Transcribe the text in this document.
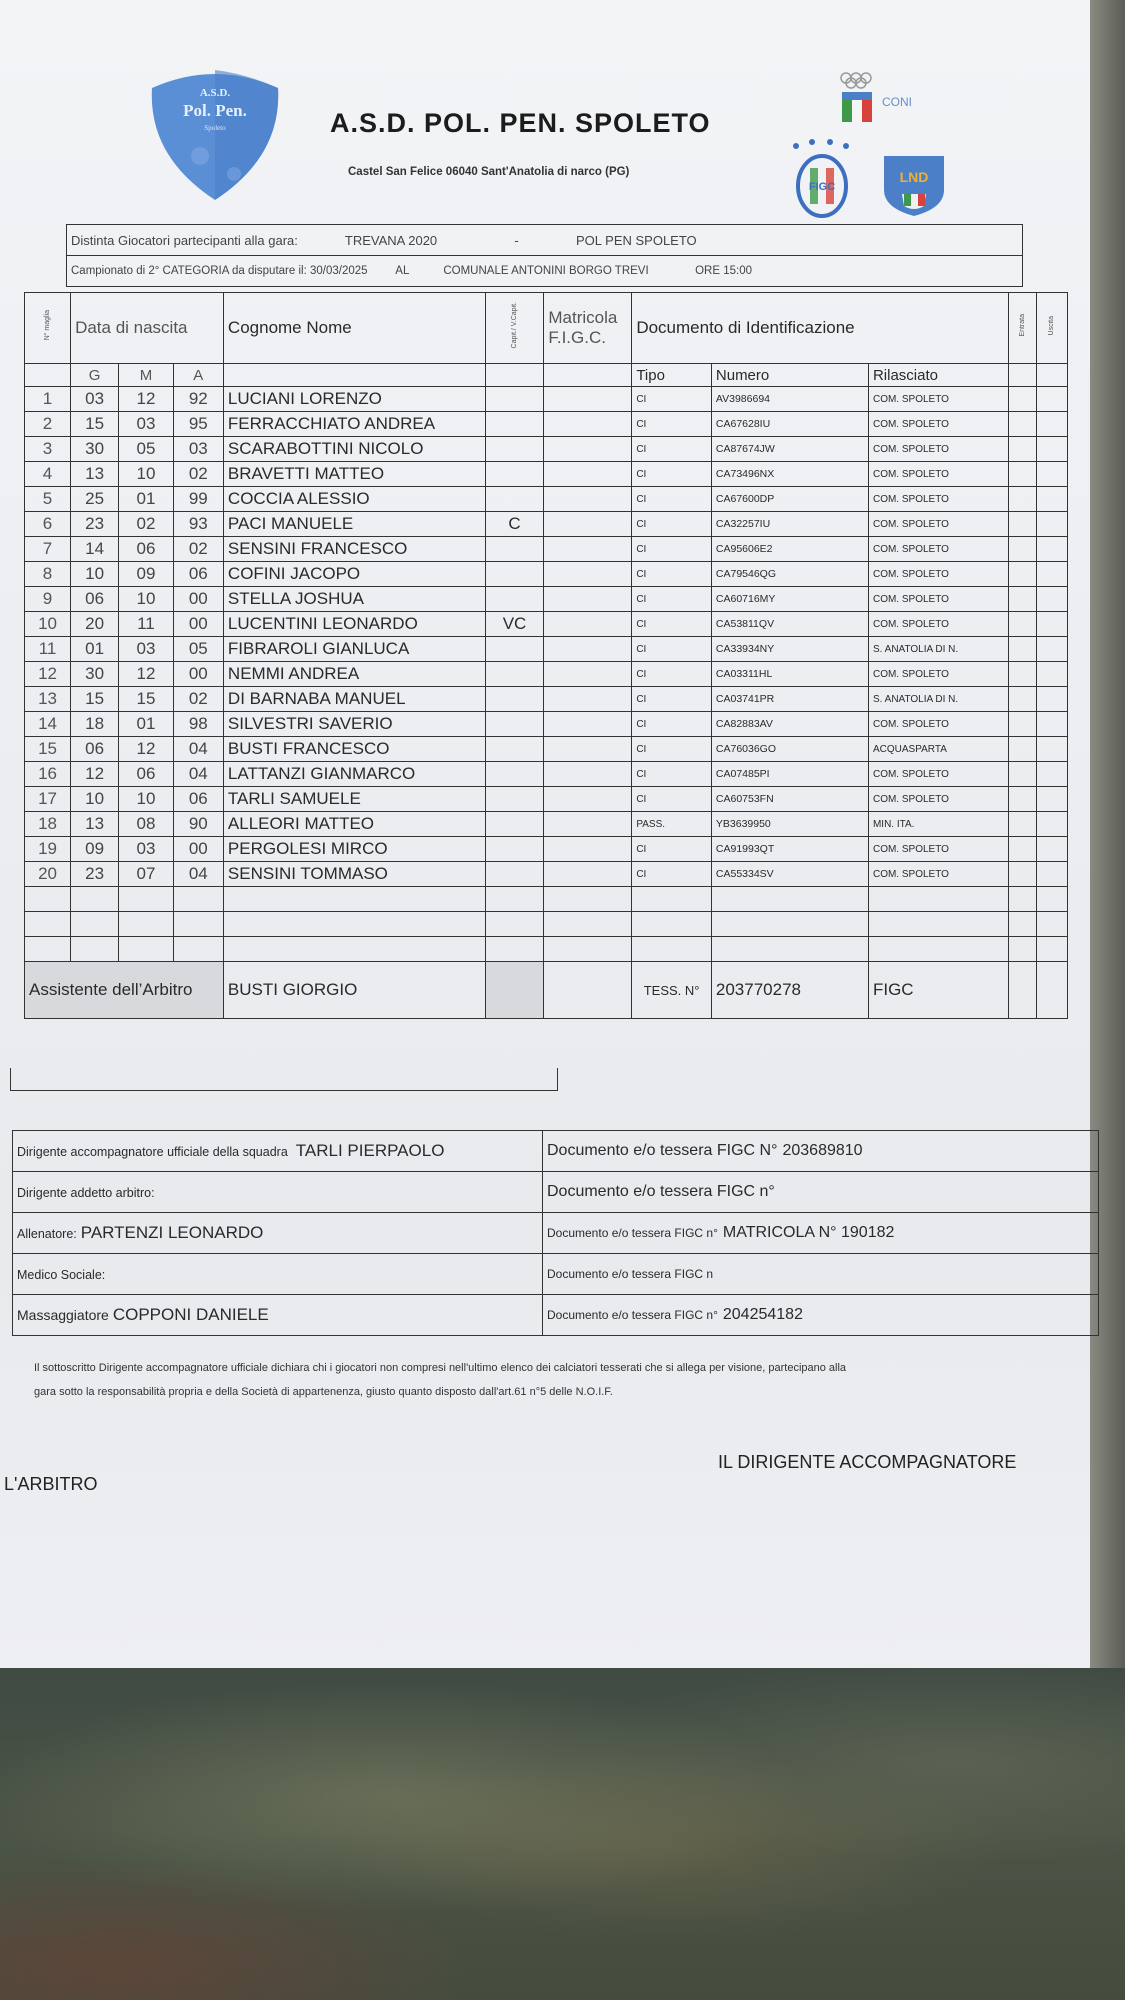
A.S.D.
Pol. Pen.
Spoleto	A.S.D. POL. PEN. SPOLETO
Castel San Felice 06040 Sant'Anatolia di narco (PG)
CONI
FIGC
LND
Distinta Giocatori partecipanti alla gara:	TREVANA 2020	-	POL PEN SPOLETO
Campionato di 2° CATEGORIA da disputare il: 30/03/2025 AL	COMUNALE ANTONINI BORGO TREVI	ORE 15:00
N° maglia	Data di nascita			Cognome Nome	Capit./ V.Capit.	Matricola
F.I.G.C.	Documento di Identificazione			Entrata	Uscita
	G	M	A				Tipo	Numero	Rilasciato		
1	03	12	92	LUCIANI LORENZO			CI	AV3986694	COM. SPOLETO		
2	15	03	95	FERRACCHIATO ANDREA			CI	CA67628IU	COM. SPOLETO		
3	30	05	03	SCARABOTTINI NICOLO			CI	CA87674JW	COM. SPOLETO		
4	13	10	02	BRAVETTI MATTEO			CI	CA73496NX	COM. SPOLETO		
5	25	01	99	COCCIA ALESSIO			CI	CA67600DP	COM. SPOLETO		
6	23	02	93	PACI MANUELE	C		CI	CA32257IU	COM. SPOLETO		
7	14	06	02	SENSINI FRANCESCO			CI	CA95606E2	COM. SPOLETO		
8	10	09	06	COFINI JACOPO			CI	CA79546QG	COM. SPOLETO		
9	06	10	00	STELLA JOSHUA			CI	CA60716MY	COM. SPOLETO		
10	20	11	00	LUCENTINI LEONARDO	VC		CI	CA53811QV	COM. SPOLETO		
11	01	03	05	FIBRAROLI GIANLUCA			CI	CA33934NY	S. ANATOLIA DI N.		
12	30	12	00	NEMMI ANDREA			CI	CA03311HL	COM. SPOLETO		
13	15	15	02	DI BARNABA MANUEL			CI	CA03741PR	S. ANATOLIA DI N.		
14	18	01	98	SILVESTRI SAVERIO			CI	CA82883AV	COM. SPOLETO		
15	06	12	04	BUSTI FRANCESCO			CI	CA76036GO	ACQUASPARTA		
16	12	06	04	LATTANZI GIANMARCO			CI	CA07485PI	COM. SPOLETO		
17	10	10	06	TARLI SAMUELE			CI	CA60753FN	COM. SPOLETO		
18	13	08	90	ALLEORI MATTEO			PASS.	YB3639950	MIN. ITA.		
19	09	03	00	PERGOLESI MIRCO			CI	CA91993QT	COM. SPOLETO		
20	23	07	04	SENSINI TOMMASO			CI	CA55334SV	COM. SPOLETO		

Assistente dell’Arbitro				BUSTI GIORGIO			TESS. N°	203770278	FIGC		
Dirigente accompagnatore ufficiale della squadra TARLI PIERPAOLO	Documento e/o tessera FIGC N° 203689810
Dirigente addetto arbitro:	Documento e/o tessera FIGC n°
Allenatore: PARTENZI LEONARDO	Documento e/o tessera FIGC n° MATRICOLA N° 190182
Medico Sociale:	Documento e/o tessera FIGC n
Massaggiatore COPPONI DANIELE	Documento e/o tessera FIGC n° 204254182
Il sottoscritto Dirigente accompagnatore ufficiale dichiara chi i giocatori non compresi nell'ultimo elenco dei calciatori tesserati che si allega per visione, partecipano alla
gara sotto la responsabilità propria e della Società di appartenenza, giusto quanto disposto dall'art.61 n°5 delle N.O.I.F.
L'ARBITRO
IL DIRIGENTE ACCOMPAGNATORE
